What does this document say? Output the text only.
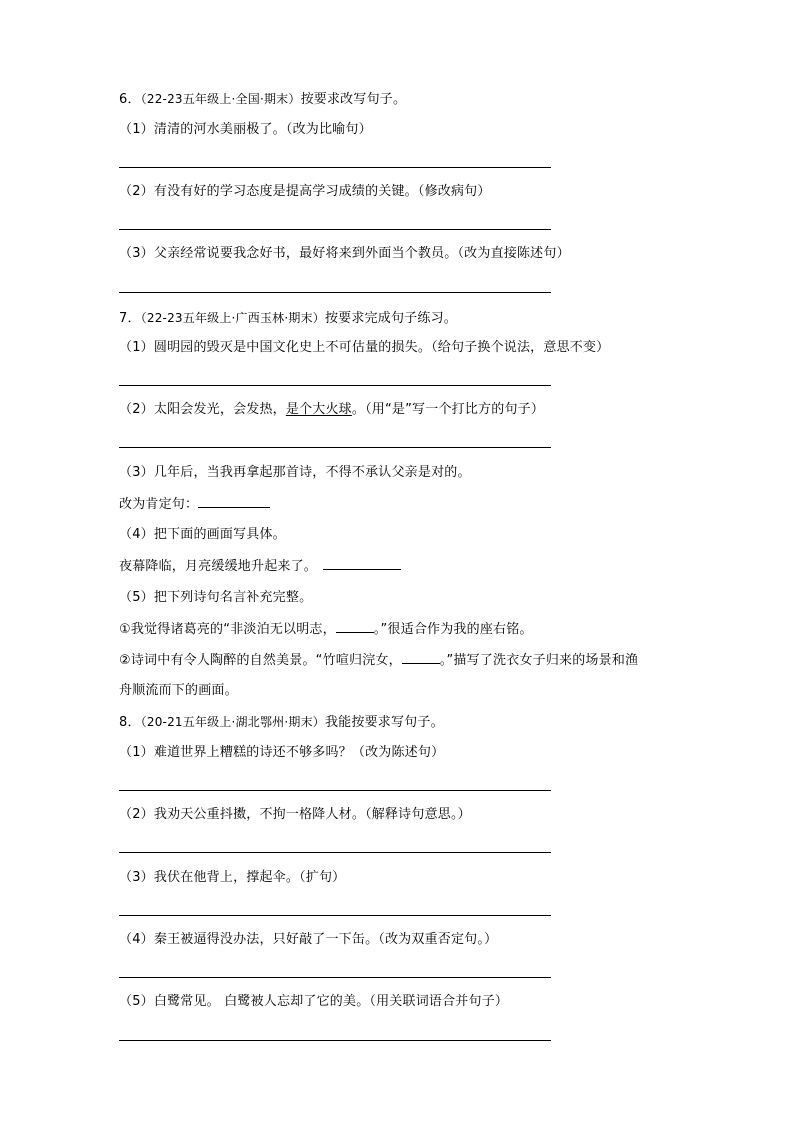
6．（22-23五年级上·全国·期末）按要求改写句子。
（1）清清的河水美丽极了。（改为比喻句）
（2）有没有好的学习态度是提高学习成绩的关键。（修改病句）
（3）父亲经常说要我念好书，最好将来到外面当个教员。（改为直接陈述句）
7．（22-23五年级上·广西玉林·期末）按要求完成句子练习。
（1）圆明园的毁灭是中国文化史上不可估量的损失。（给句子换个说法，意思不变）
（2）太阳会发光，会发热，是个大火球。（用“是”写一个打比方的句子）
（3）几年后，当我再拿起那首诗，不得不承认父亲是对的。
改为肯定句：
（4）把下面的画面写具体。
夜幕降临，月亮缓缓地升起来了。
（5）把下列诗句名言补充完整。
①我觉得诸葛亮的“非淡泊无以明志，	。”很适合作为我的座右铭。
②诗词中有令人陶醉的自然美景。“竹喧归浣女，	。”描写了洗衣女子归来的场景和渔
舟顺流而下的画面。
8．（20-21五年级上·湖北鄂州·期末）我能按要求写句子。
（1）难道世界上糟糕的诗还不够多吗？（改为陈述句）
（2）我劝天公重抖擞，不拘一格降人材。（解释诗句意思。）
（3）我伏在他背上，撑起伞。（扩句）
（4）秦王被逼得没办法，只好敲了一下缶。（改为双重否定句。）
（5）白鹭常见。 白鹭被人忘却了它的美。（用关联词语合并句子）
